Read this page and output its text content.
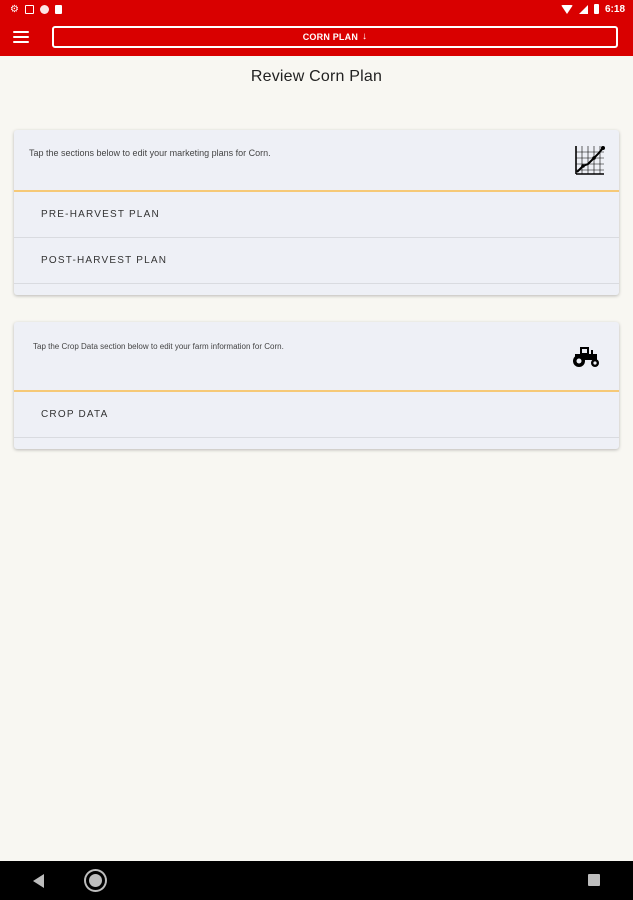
⚙	6:18
CORN PLAN ↓
Review Corn Plan
Tap the sections below to edit your marketing plans for Corn.
PRE-HARVEST PLAN
POST-HARVEST PLAN
Tap the Crop Data section below to edit your farm information for Corn.
CROP DATA
